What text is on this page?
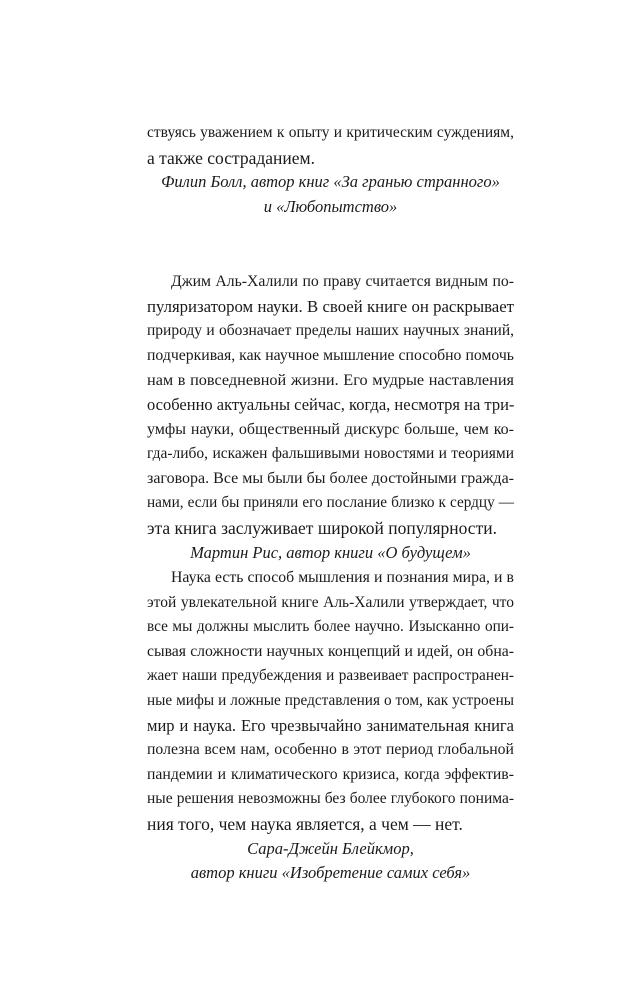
ствуясь уважением к опыту и критическим суждениям,
а также состраданием.
Филип Болл, автор книг «За гранью странного»
и «Любопытство»
Джим Аль-Халили по праву считается видным по-
пуляризатором науки. В своей книге он раскрывает
природу и обозначает пределы наших научных знаний,
подчеркивая, как научное мышление способно помочь
нам в повседневной жизни. Его мудрые наставления
особенно актуальны сейчас, когда, несмотря на три-
умфы науки, общественный дискурс больше, чем ко-
гда-либо, искажен фальшивыми новостями и теориями
заговора. Все мы были бы более достойными гражда-
нами, если бы приняли его послание близко к сердцу —
эта книга заслуживает широкой популярности.
Мартин Рис, автор книги «О будущем»
Наука есть способ мышления и познания мира, и в
этой увлекательной книге Аль-Халили утверждает, что
все мы должны мыслить более научно. Изысканно опи-
сывая сложности научных концепций и идей, он обна-
жает наши предубеждения и развеивает распространен-
ные мифы и ложные представления о том, как устроены
мир и наука. Его чрезвычайно занимательная книга
полезна всем нам, особенно в этот период глобальной
пандемии и климатического кризиса, когда эффектив-
ные решения невозможны без более глубокого понима-
ния того, чем наука является, а чем — нет.
Сара-Джейн Блейкмор,
автор книги «Изобретение самих себя»
